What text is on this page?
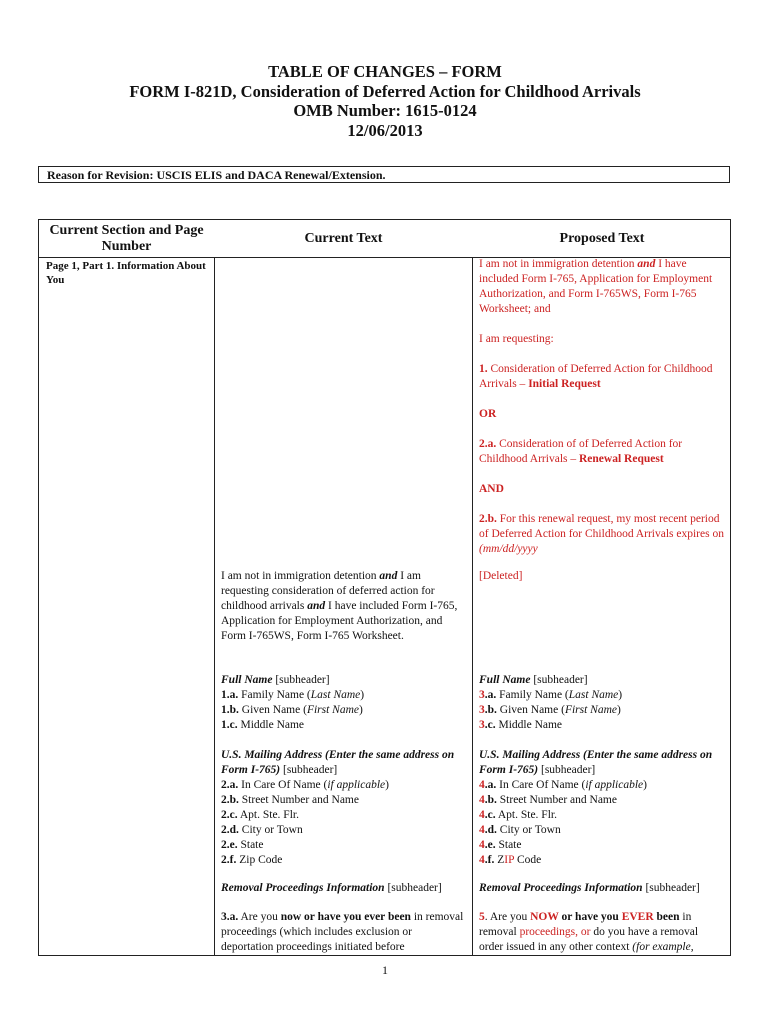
TABLE OF CHANGES – FORM
FORM I-821D, Consideration of Deferred Action for Childhood Arrivals
OMB Number: 1615-0124
12/06/2013
Reason for Revision: USCIS ELIS and DACA Renewal/Extension.
Current Section and Page Number
Current Text	Proposed Text
Page 1, Part 1. Information About You

I am not in immigration detention and I have included Form I-765, Application for Employment Authorization, and Form I-765WS, Form I-765 Worksheet; and

I am requesting:

1. Consideration of Deferred Action for Childhood Arrivals – Initial Request

OR

2.a. Consideration of of Deferred Action for Childhood Arrivals – Renewal Request

AND

2.b. For this renewal request, my most recent period of Deferred Action for Childhood Arrivals expires on (mm/dd/yyyy

I am not in immigration detention and I am requesting consideration of deferred action for childhood arrivals and I have included Form I-765, Application for Employment Authorization, and Form I-765WS, Form I-765 Worksheet.
[Deleted]
Full Name [subheader]
1.a. Family Name (Last Name)
1.b. Given Name (First Name)
1.c. Middle Name
Full Name [subheader]
3.a. Family Name (Last Name)
3.b. Given Name (First Name)
3.c. Middle Name
U.S. Mailing Address (Enter the same address on Form I-765) [subheader]
2.a. In Care Of Name (if applicable)
2.b. Street Number and Name
2.c. Apt. Ste. Flr.
2.d. City or Town
2.e. State
2.f. Zip Code
U.S. Mailing Address (Enter the same address on Form I-765) [subheader]
4.a. In Care Of Name (if applicable)
4.b. Street Number and Name
4.c. Apt. Ste. Flr.
4.d. City or Town
4.e. State
4.f. ZIP Code
Removal Proceedings Information [subheader]	Removal Proceedings Information [subheader]
3.a. Are you now or have you ever been in removal proceedings (which includes exclusion or deportation proceedings initiated before
5. Are you NOW or have you EVER been in removal proceedings, or do you have a removal order issued in any other context (for example,
1
